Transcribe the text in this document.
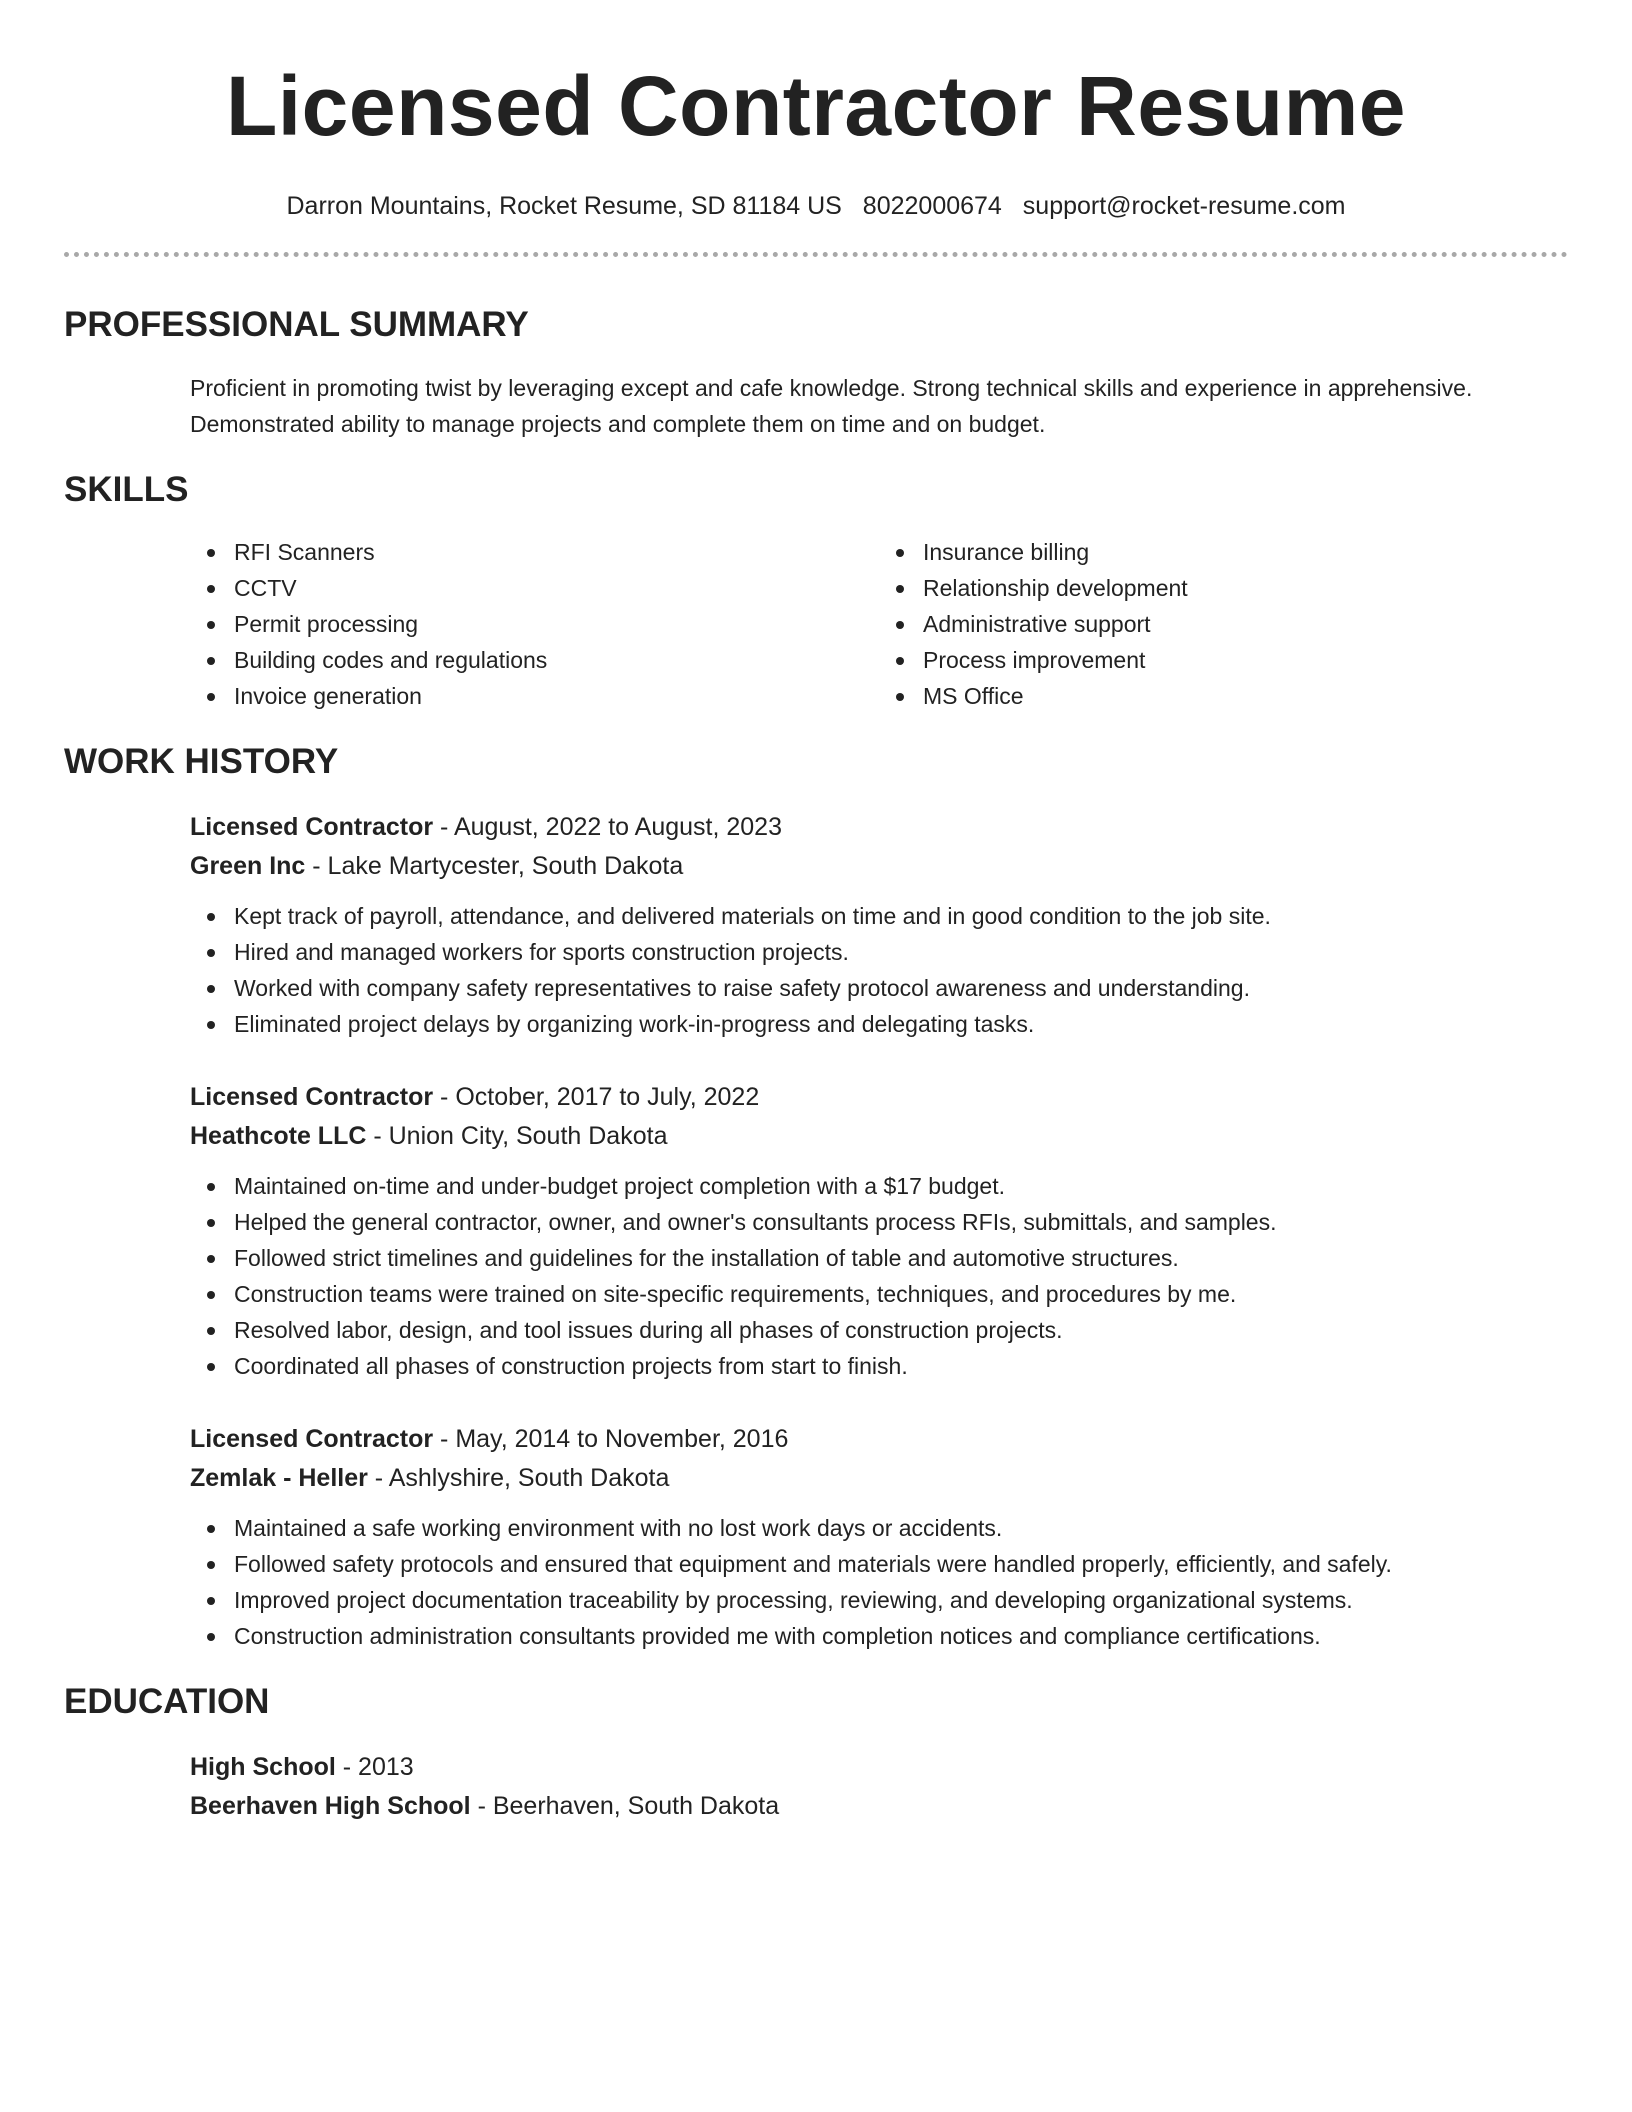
Licensed Contractor Resume
Darron Mountains, Rocket Resume, SD 81184 US 8022000674 support@rocket-resume.com
PROFESSIONAL SUMMARY

Proficient in promoting twist by leveraging except and cafe knowledge. Strong technical skills and experience in apprehensive. Demonstrated ability to manage projects and complete them on time and on budget.

SKILLS
RFI Scanners
CCTV
Permit processing
Building codes and regulations
Invoice generation
Insurance billing
Relationship development
Administrative support
Process improvement
MS Office
WORK HISTORY
Licensed Contractor - August, 2022 to August, 2023
Green Inc - Lake Martycester, South Dakota
Kept track of payroll, attendance, and delivered materials on time and in good condition to the job site.
Hired and managed workers for sports construction projects.
Worked with company safety representatives to raise safety protocol awareness and understanding.
Eliminated project delays by organizing work-in-progress and delegating tasks.
Licensed Contractor - October, 2017 to July, 2022
Heathcote LLC - Union City, South Dakota
Maintained on-time and under-budget project completion with a $17 budget.
Helped the general contractor, owner, and owner's consultants process RFIs, submittals, and samples.
Followed strict timelines and guidelines for the installation of table and automotive structures.
Construction teams were trained on site-specific requirements, techniques, and procedures by me.
Resolved labor, design, and tool issues during all phases of construction projects.
Coordinated all phases of construction projects from start to finish.
Licensed Contractor - May, 2014 to November, 2016
Zemlak - Heller - Ashlyshire, South Dakota
Maintained a safe working environment with no lost work days or accidents.
Followed safety protocols and ensured that equipment and materials were handled properly, efficiently, and safely.
Improved project documentation traceability by processing, reviewing, and developing organizational systems.
Construction administration consultants provided me with completion notices and compliance certifications.
EDUCATION
High School - 2013
Beerhaven High School - Beerhaven, South Dakota
